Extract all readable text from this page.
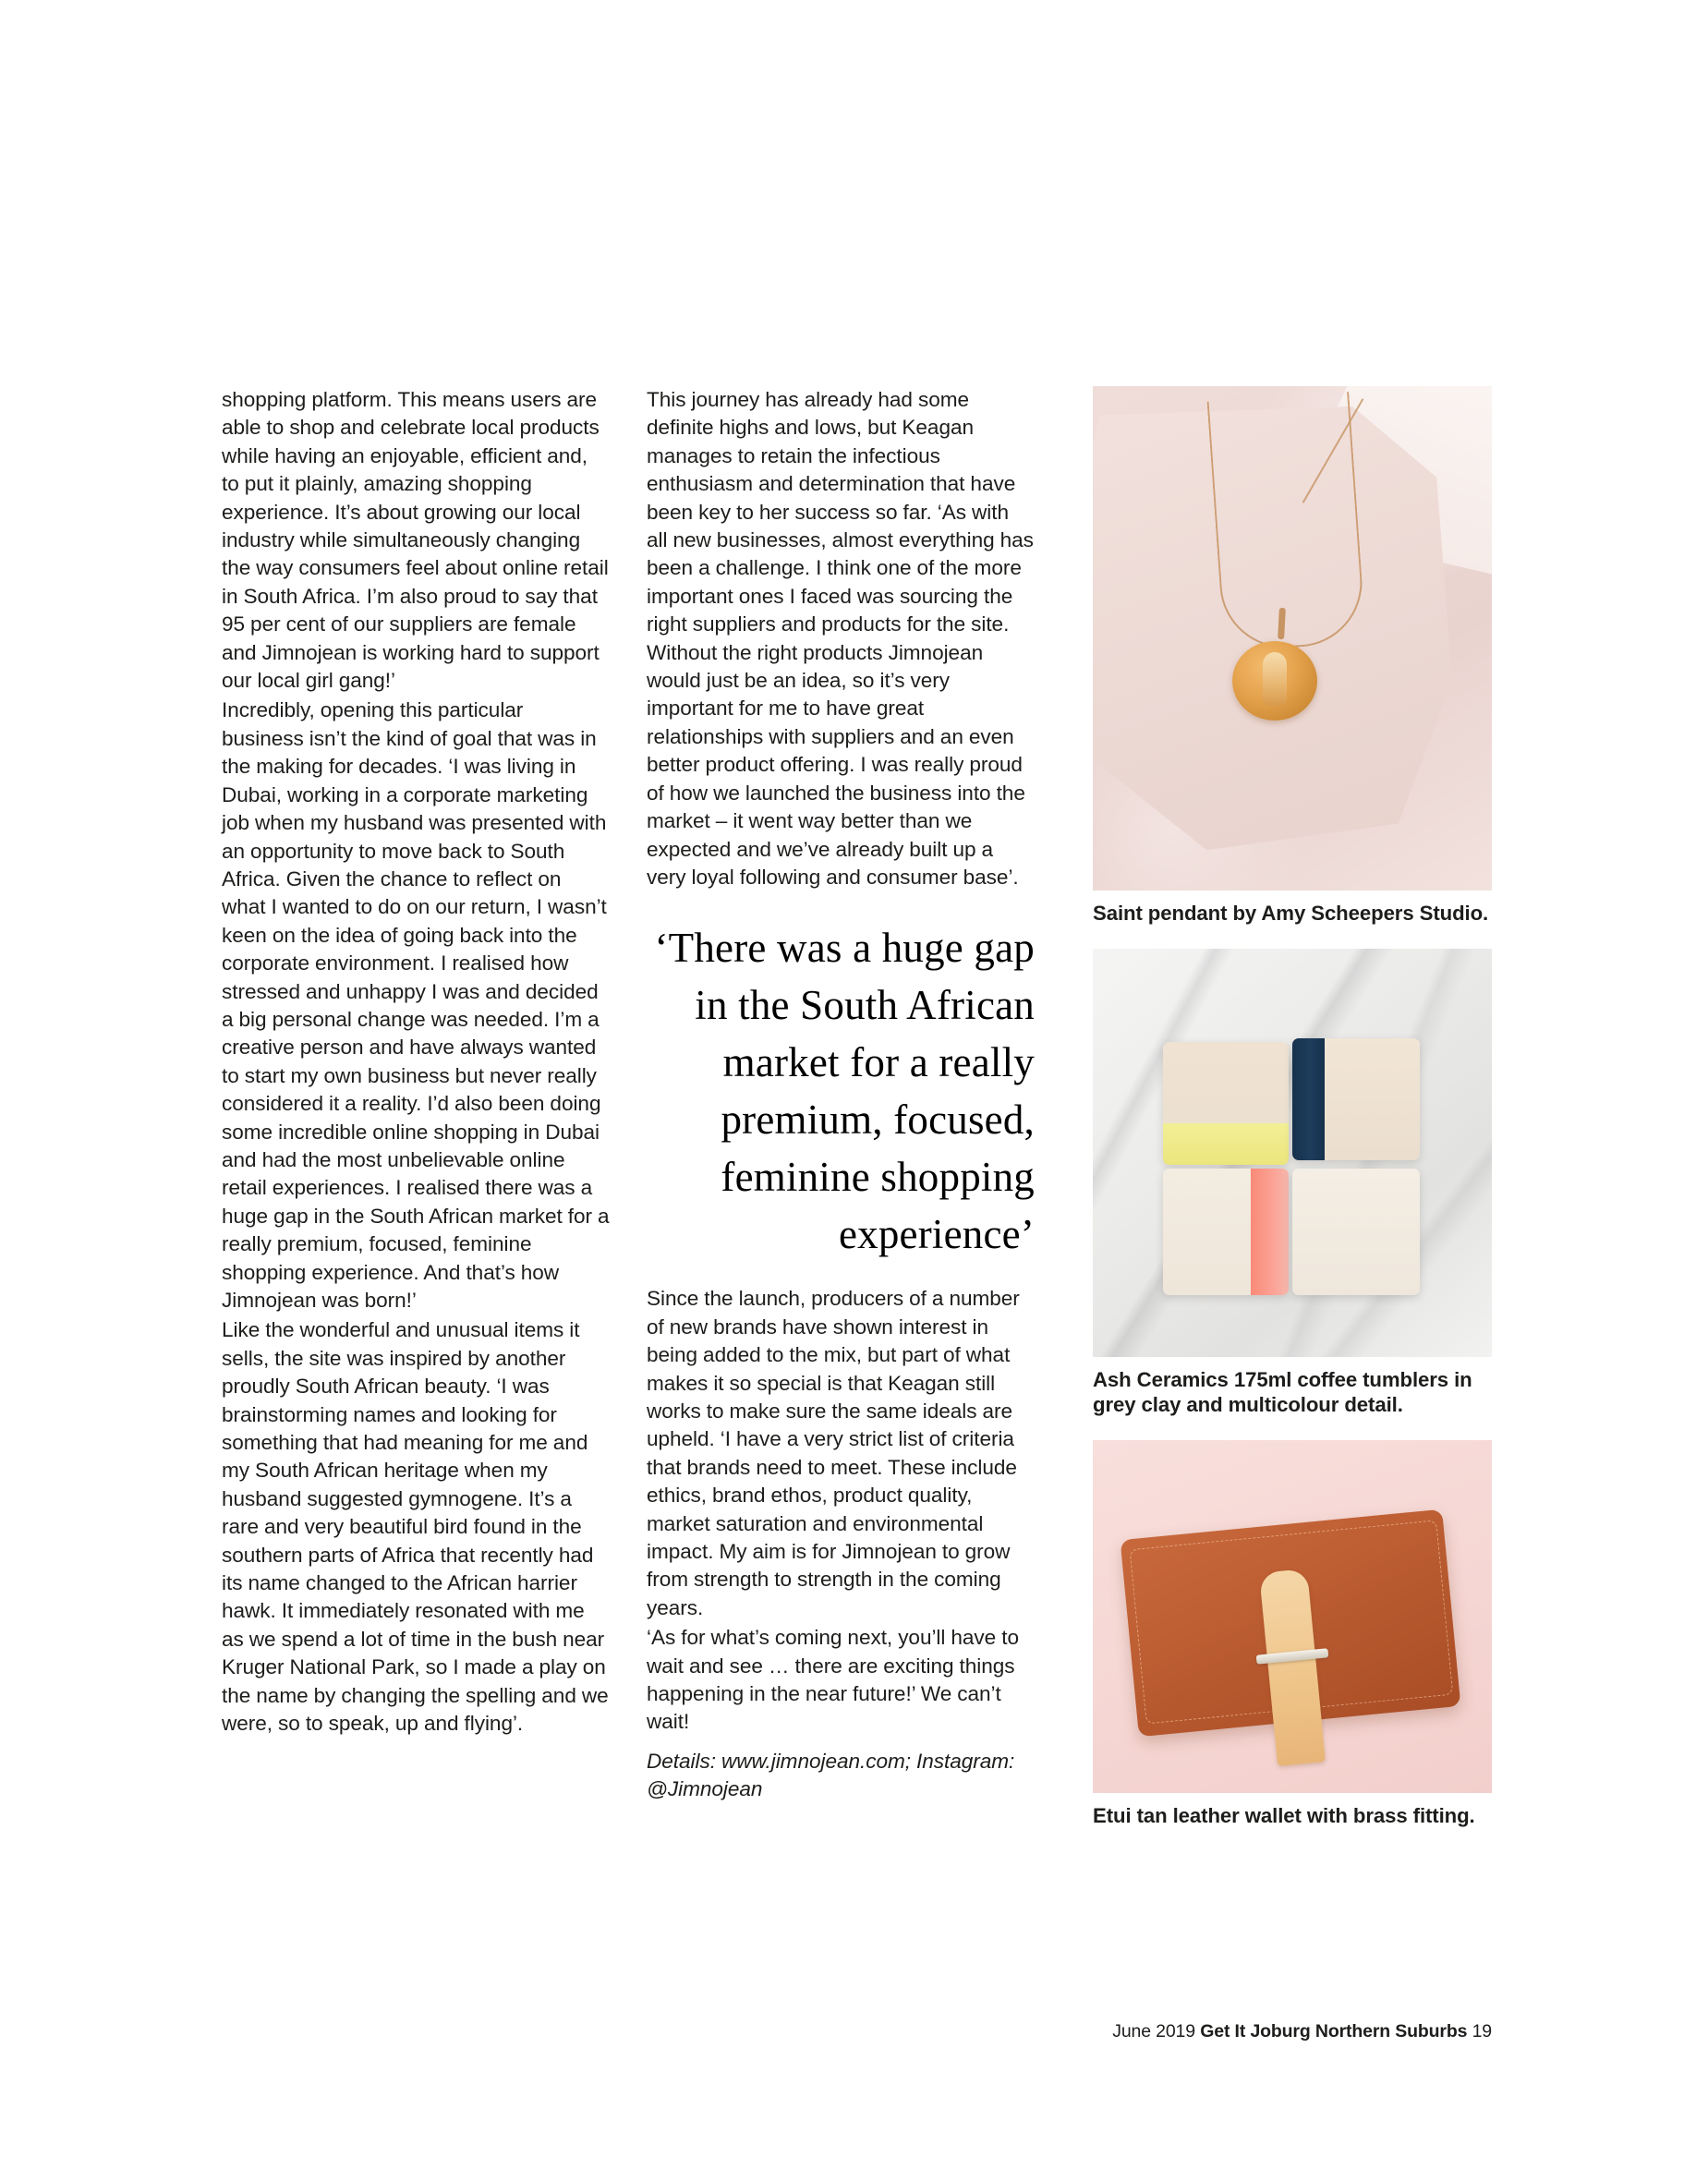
shopping platform. This means users are able to shop and celebrate local products while having an enjoyable, efficient and, to put it plainly, amazing shopping experience. It’s about growing our local industry while simultaneously changing the way consumers feel about online retail in South Africa. I’m also proud to say that 95 per cent of our suppliers are female and Jimnojean is working hard to support our local girl gang!’

Incredibly, opening this particular business isn’t the kind of goal that was in the making for decades. ‘I was living in Dubai, working in a corporate marketing job when my husband was presented with an opportunity to move back to South Africa. Given the chance to reflect on what I wanted to do on our return, I wasn’t keen on the idea of going back into the corporate environment. I realised how stressed and unhappy I was and decided a big personal change was needed. I’m a creative person and have always wanted to start my own business but never really considered it a reality. I’d also been doing some incredible online shopping in Dubai and had the most unbelievable online retail experiences. I realised there was a huge gap in the South African market for a really premium, focused, feminine shopping experience. And that’s how Jimnojean was born!’

Like the wonderful and unusual items it sells, the site was inspired by another proudly South African beauty. ‘I was brainstorming names and looking for something that had meaning for me and my South African heritage when my husband suggested gymnogene. It’s a rare and very beautiful bird found in the southern parts of Africa that recently had its name changed to the African harrier hawk. It immediately resonated with me as we spend a lot of time in the bush near Kruger National Park, so I made a play on the name by changing the spelling and we were, so to speak, up and flying’.

This journey has already had some definite highs and lows, but Keagan manages to retain the infectious enthusiasm and determination that have been key to her success so far. ‘As with all new businesses, almost everything has been a challenge. I think one of the more important ones I faced was sourcing the right suppliers and products for the site. Without the right products Jimnojean would just be an idea, so it’s very important for me to have great relationships with suppliers and an even better product offering. I was really proud of how we launched the business into the market – it went way better than we expected and we’ve already built up a very loyal following and consumer base’.

‘There was a huge gap in the South African market for a really premium, focused, feminine shopping experience’

Since the launch, producers of a number of new brands have shown interest in being added to the mix, but part of what makes it so special is that Keagan still works to make sure the same ideals are upheld. ‘I have a very strict list of criteria that brands need to meet. These include ethics, brand ethos, product quality, market saturation and environmental impact. My aim is for Jimnojean to grow from strength to strength in the coming years.

‘As for what’s coming next, you’ll have to wait and see … there are exciting things happening in the near future!’ We can’t wait!

Details: www.jimnojean.com; Instagram: @Jimnojean

Saint pendant by Amy Scheepers Studio.
Ash Ceramics 175ml coffee tumblers in grey clay and multicolour detail.
Etui tan leather wallet with brass fitting.
June 2019 Get It Joburg Northern Suburbs 19
